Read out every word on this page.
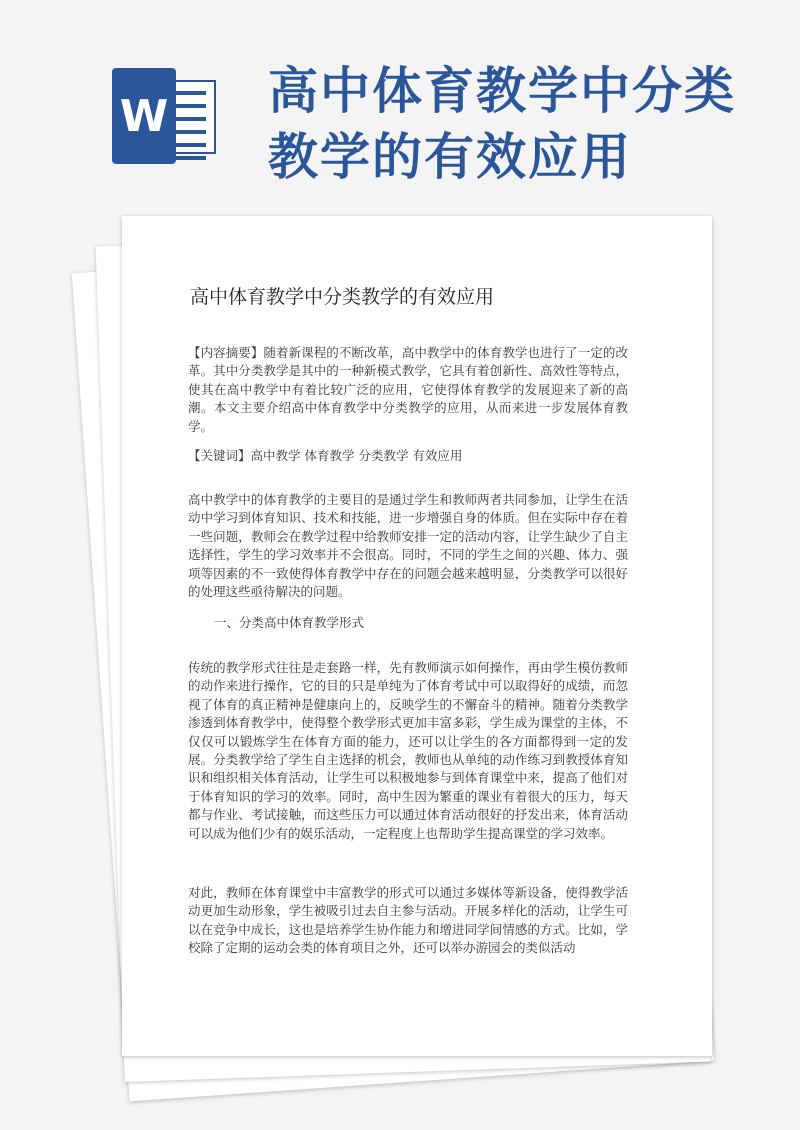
W 高中体育教学中分类教学的有效应用
高中体育教学中分类教学的有效应用

【内容摘要】随着新课程的不断改革，高中教学中的体育教学也进行了一定的改革。其中分类教学是其中的一种新模式教学，它具有着创新性、高效性等特点，使其在高中教学中有着比较广泛的应用，它使得体育教学的发展迎来了新的高潮。本文主要介绍高中体育教学中分类教学的应用，从而来进一步发展体育教学。

【关键词】高中教学 体育教学 分类教学 有效应用

高中教学中的体育教学的主要目的是通过学生和教师两者共同参加，让学生在活动中学习到体育知识、技术和技能，进一步增强自身的体质。但在实际中存在着一些问题，教师会在教学过程中给教师安排一定的活动内容，让学生缺少了自主选择性，学生的学习效率并不会很高。同时，不同的学生之间的兴趣、体力、强项等因素的不一致使得体育教学中存在的问题会越来越明显，分类教学可以很好的处理这些亟待解决的问题。

一、分类高中体育教学形式

传统的教学形式往往是走套路一样，先有教师演示如何操作，再由学生模仿教师的动作来进行操作，它的目的只是单纯为了体育考试中可以取得好的成绩，而忽视了体育的真正精神是健康向上的，反映学生的不懈奋斗的精神。随着分类教学渗透到体育教学中，使得整个教学形式更加丰富多彩，学生成为课堂的主体，不仅仅可以锻炼学生在体育方面的能力，还可以让学生的各方面都得到一定的发展。分类教学给了学生自主选择的机会，教师也从单纯的动作练习到教授体育知识和组织相关体育活动，让学生可以积极地参与到体育课堂中来，提高了他们对于体育知识的学习的效率。同时，高中生因为繁重的课业有着很大的压力，每天都与作业、考试接触，而这些压力可以通过体育活动很好的抒发出来，体育活动可以成为他们少有的娱乐活动，一定程度上也帮助学生提高课堂的学习效率。

对此，教师在体育课堂中丰富教学的形式可以通过多媒体等新设备，使得教学活动更加生动形象，学生被吸引过去自主参与活动。开展多样化的活动，让学生可以在竞争中成长，这也是培养学生协作能力和增进同学间情感的方式。比如，学校除了定期的运动会类的体育项目之外，还可以举办游园会的类似活动
